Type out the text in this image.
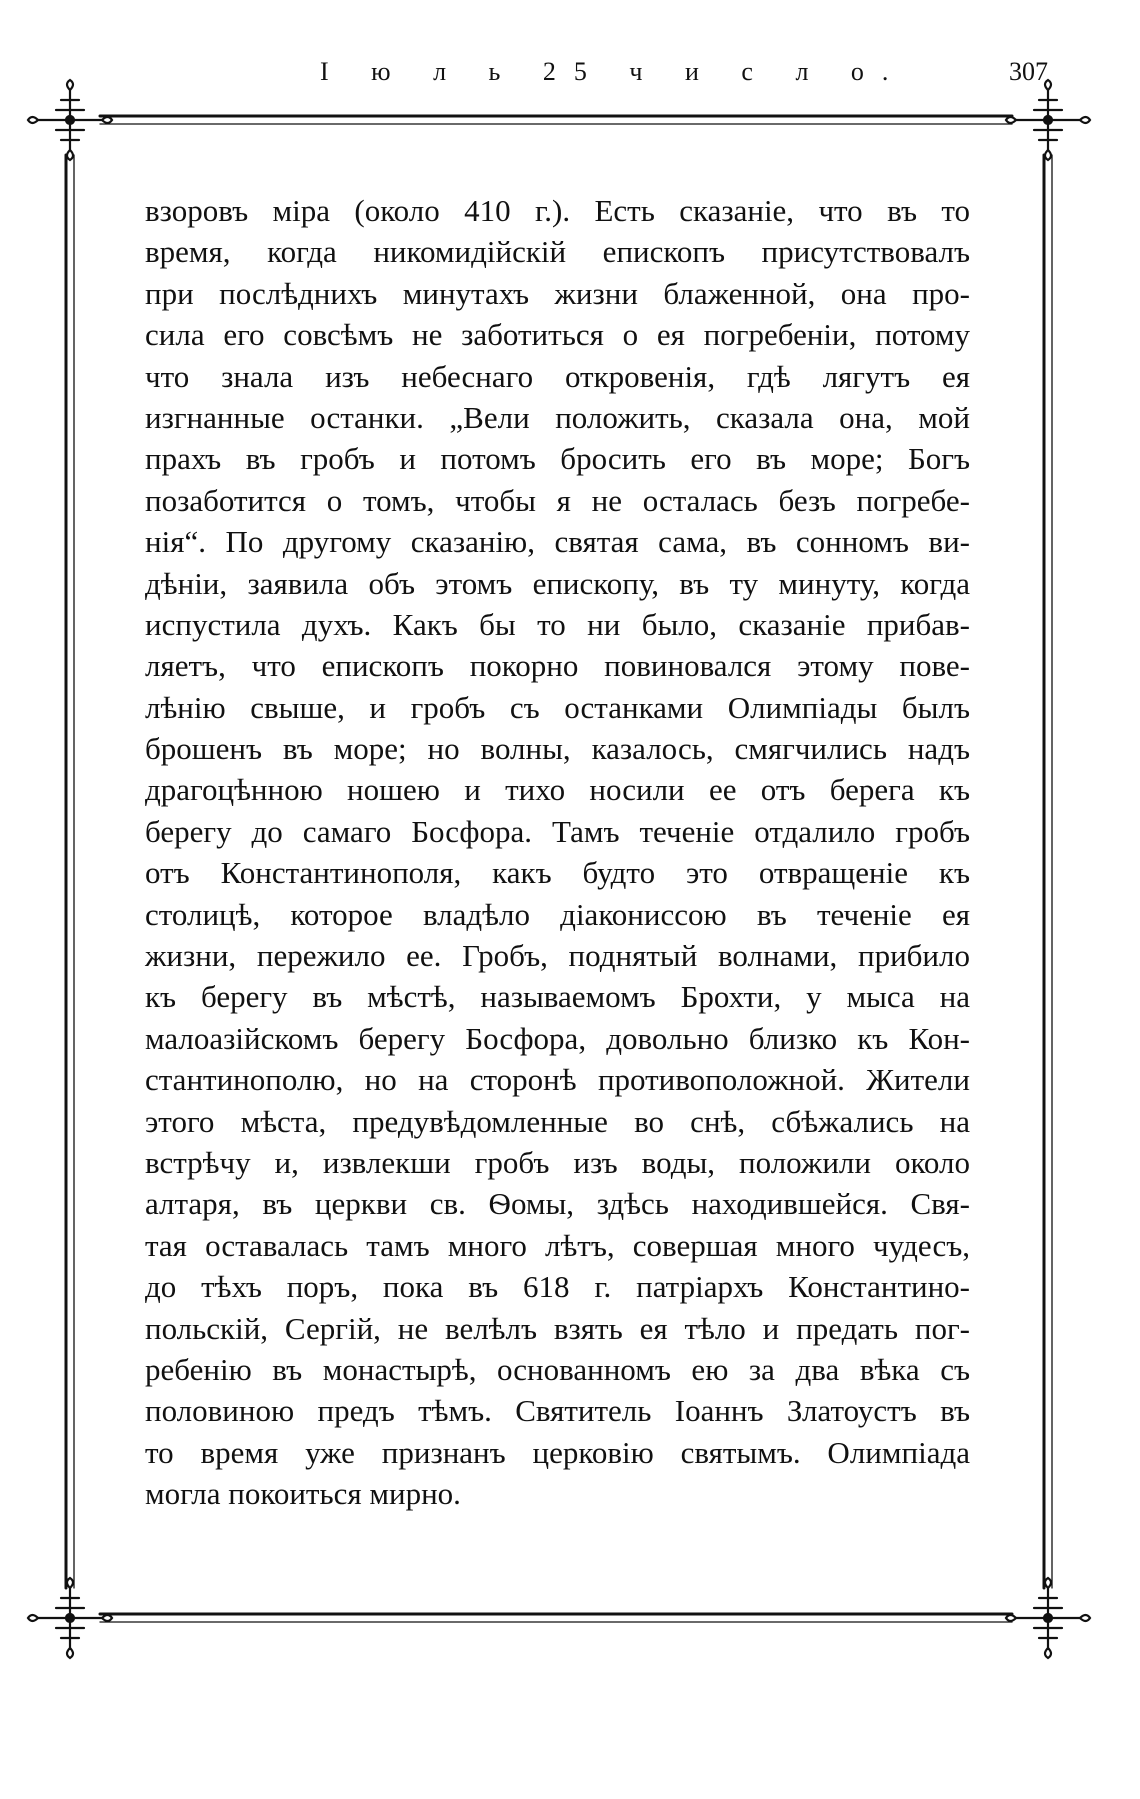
I ю л ь 25 ч и с л о.	307
взоровъ міра (около 410 г.). Есть сказаніе, что въ то
время, когда никомидійскій епископъ присутствовалъ
при послѣднихъ минутахъ жизни блаженной, она про-
сила его совсѣмъ не заботиться о ея погребеніи, потому
что знала изъ небеснаго откровенія, гдѣ лягутъ ея
изгнанные останки. „Вели положить, сказала она, мой
прахъ въ гробъ и потомъ бросить его въ море; Богъ
позаботится о томъ, чтобы я не осталась безъ погребе-
нія“. По другому сказанію, святая сама, въ сонномъ ви-
дѣніи, заявила объ этомъ епископу, въ ту минуту, когда
испустила духъ. Какъ бы то ни было, сказаніе прибав-
ляетъ, что епископъ покорно повиновался этому пове-
лѣнію свыше, и гробъ съ останками Олимпіады былъ
брошенъ въ море; но волны, казалось, смягчились надъ
драгоцѣнною ношею и тихо носили ее отъ берега къ
берегу до самаго Босфора. Тамъ теченіе отдалило гробъ
отъ Константинополя, какъ будто это отвращеніе къ
столицѣ, которое владѣло діакониссою въ теченіе ея
жизни, пережило ее. Гробъ, поднятый волнами, прибило
къ берегу въ мѣстѣ, называемомъ Брохти, у мыса на
малоазійскомъ берегу Босфора, довольно близко къ Кон-
стантинополю, но на сторонѣ противоположной. Жители
этого мѣста, предувѣдомленные во снѣ, сбѣжались на
встрѣчу и, извлекши гробъ изъ воды, положили около
алтаря, въ церкви св. Ѳомы, здѣсь находившейся. Свя-
тая оставалась тамъ много лѣтъ, совершая много чудесъ,
до тѣхъ поръ, пока въ 618 г. патріархъ Константино-
польскій, Сергій, не велѣлъ взять ея тѣло и предать пог-
ребенію въ монастырѣ, основанномъ ею за два вѣка съ
половиною предъ тѣмъ. Святитель Іоаннъ Златоустъ въ
то время уже признанъ церковію святымъ. Олимпіада
могла покоиться мирно.
